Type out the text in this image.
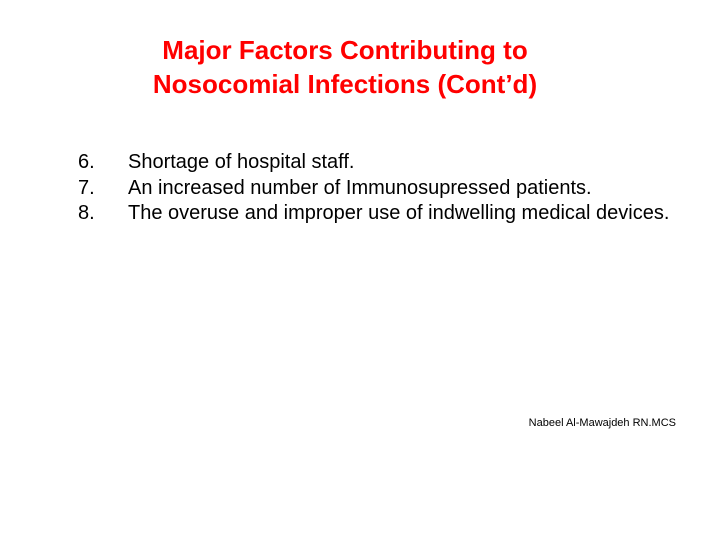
Major Factors Contributing to
Nosocomial Infections (Cont’d)
6.	Shortage of hospital staff.
7.	An increased number of Immunosupressed patients.
8.	The overuse and improper use of indwelling medical devices.
Nabeel Al-Mawajdeh RN.MCS
